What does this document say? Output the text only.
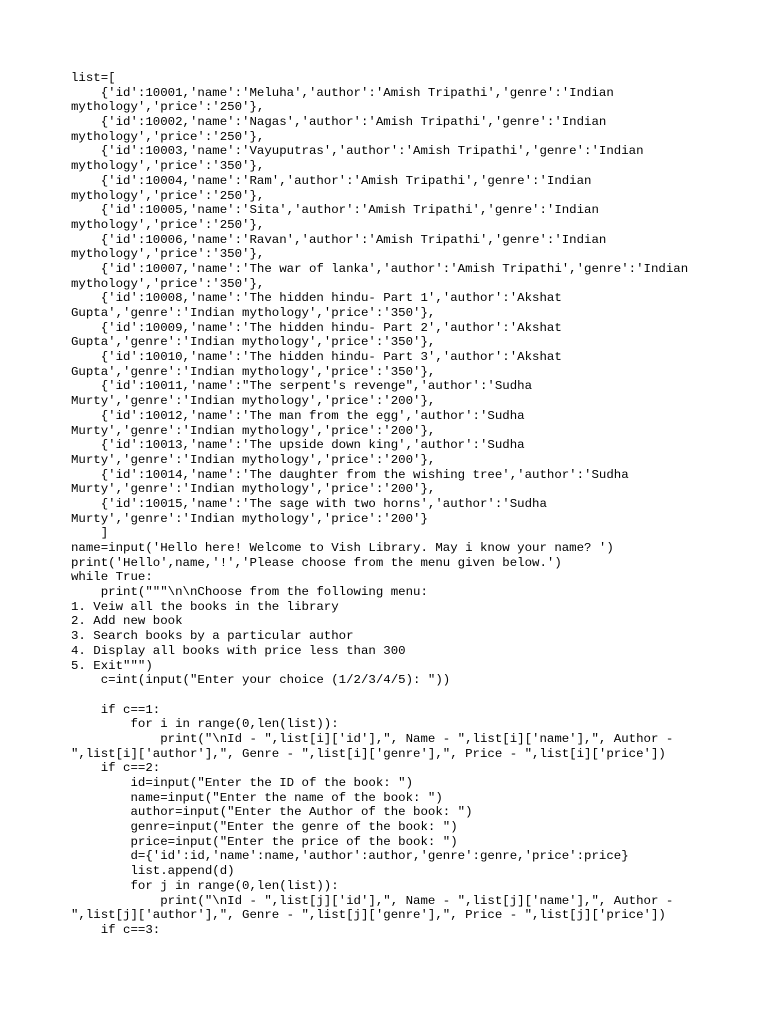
list=[
{'id':10001,'name':'Meluha','author':'Amish Tripathi','genre':'Indian
mythology','price':'250'},
{'id':10002,'name':'Nagas','author':'Amish Tripathi','genre':'Indian
mythology','price':'250'},
{'id':10003,'name':'Vayuputras','author':'Amish Tripathi','genre':'Indian
mythology','price':'350'},
{'id':10004,'name':'Ram','author':'Amish Tripathi','genre':'Indian
mythology','price':'250'},
{'id':10005,'name':'Sita','author':'Amish Tripathi','genre':'Indian
mythology','price':'250'},
{'id':10006,'name':'Ravan','author':'Amish Tripathi','genre':'Indian
mythology','price':'350'},
{'id':10007,'name':'The war of lanka','author':'Amish Tripathi','genre':'Indian
mythology','price':'350'},
{'id':10008,'name':'The hidden hindu- Part 1','author':'Akshat
Gupta','genre':'Indian mythology','price':'350'},
{'id':10009,'name':'The hidden hindu- Part 2','author':'Akshat
Gupta','genre':'Indian mythology','price':'350'},
{'id':10010,'name':'The hidden hindu- Part 3','author':'Akshat
Gupta','genre':'Indian mythology','price':'350'},
{'id':10011,'name':"The serpent's revenge",'author':'Sudha
Murty','genre':'Indian mythology','price':'200'},
{'id':10012,'name':'The man from the egg','author':'Sudha
Murty','genre':'Indian mythology','price':'200'},
{'id':10013,'name':'The upside down king','author':'Sudha
Murty','genre':'Indian mythology','price':'200'},
{'id':10014,'name':'The daughter from the wishing tree','author':'Sudha
Murty','genre':'Indian mythology','price':'200'},
{'id':10015,'name':'The sage with two horns','author':'Sudha
Murty','genre':'Indian mythology','price':'200'}
]
name=input('Hello here! Welcome to Vish Library. May i know your name? ')
print('Hello',name,'!','Please choose from the menu given below.')
while True:
print("""\n\nChoose from the following menu:
1. Veiw all the books in the library
2. Add new book
3. Search books by a particular author
4. Display all books with price less than 300
5. Exit""")
c=int(input("Enter your choice (1/2/3/4/5): "))
if c==1:
for i in range(0,len(list)):
print("\nId - ",list[i]['id'],", Name - ",list[i]['name'],", Author -
",list[i]['author'],", Genre - ",list[i]['genre'],", Price - ",list[i]['price'])
if c==2:
id=input("Enter the ID of the book: ")
name=input("Enter the name of the book: ")
author=input("Enter the Author of the book: ")
genre=input("Enter the genre of the book: ")
price=input("Enter the price of the book: ")
d={'id':id,'name':name,'author':author,'genre':genre,'price':price}
list.append(d)
for j in range(0,len(list)):
print("\nId - ",list[j]['id'],", Name - ",list[j]['name'],", Author -
",list[j]['author'],", Genre - ",list[j]['genre'],", Price - ",list[j]['price'])
if c==3:
